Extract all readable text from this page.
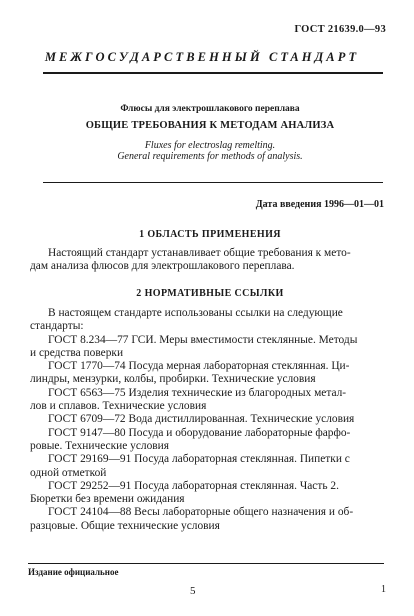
ГОСТ 21639.0—93
МЕЖГОСУДАРСТВЕННЫЙ СТАНДАРТ
Флюсы для электрошлакового переплава
ОБЩИЕ ТРЕБОВАНИЯ К МЕТОДАМ АНАЛИЗА
Fluxes for electroslag remelting.
General requirements for methods of analysis.
Дата введения 1996—01—01
1 ОБЛАСТЬ ПРИМЕНЕНИЯ
Настоящий стандарт устанавливает общие требования к мето-
дам анализа флюсов для электрошлакового переплава.
2 НОРМАТИВНЫЕ ССЫЛКИ
В настоящем стандарте использованы ссылки на следующие
стандарты:
ГОСТ 8.234—77 ГСИ. Меры вместимости стеклянные. Методы
и средства поверки
ГОСТ 1770—74 Посуда мерная лабораторная стеклянная. Ци-
линдры, мензурки, колбы, пробирки. Технические условия
ГОСТ 6563—75 Изделия технические из благородных метал-
лов и сплавов. Технические условия
ГОСТ 6709—72 Вода дистиллированная. Технические условия
ГОСТ 9147—80 Посуда и оборудование лабораторные фарфо-
ровые. Технические условия
ГОСТ 29169—91 Посуда лабораторная стеклянная. Пипетки с
одной отметкой
ГОСТ 29252—91 Посуда лабораторная стеклянная. Часть 2.
Бюретки без времени ожидания
ГОСТ 24104—88 Весы лабораторные общего назначения и об-
разцовые. Общие технические условия
Издание официальное
5	1
